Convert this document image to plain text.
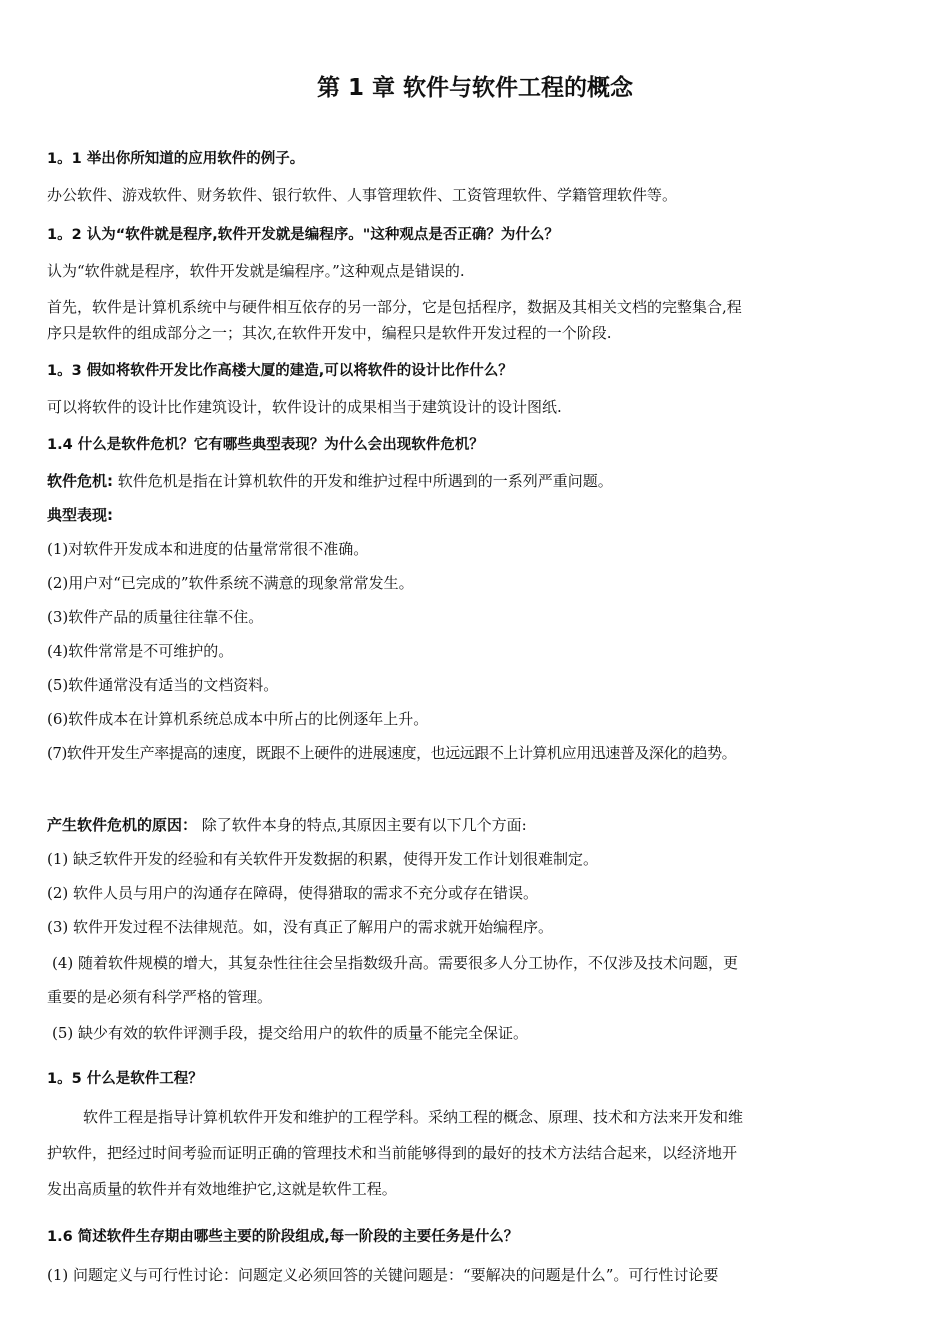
第 1 章 软件与软件工程的概念

1。1 举出你所知道的应用软件的例子。

办公软件、游戏软件、财务软件、银行软件、人事管理软件、工资管理软件、学籍管理软件等。

1。2 认为“软件就是程序,软件开发就是编程序。"这种观点是否正确？为什么？

认为“软件就是程序，软件开发就是编程序。”这种观点是错误的.

首先，软件是计算机系统中与硬件相互依存的另一部分，它是包括程序，数据及其相关文档的完整集合,程

序只是软件的组成部分之一；其次,在软件开发中，编程只是软件开发过程的一个阶段.

1。3 假如将软件开发比作高楼大厦的建造,可以将软件的设计比作什么？

可以将软件的设计比作建筑设计，软件设计的成果相当于建筑设计的设计图纸.

1.4 什么是软件危机？它有哪些典型表现？为什么会出现软件危机？

软件危机: 软件危机是指在计算机软件的开发和维护过程中所遇到的一系列严重问题。

典型表现:

(1)对软件开发成本和进度的估量常常很不准确。

(2)用户对“已完成的”软件系统不满意的现象常常发生。

(3)软件产品的质量往往靠不住。

(4)软件常常是不可维护的。

(5)软件通常没有适当的文档资料。

(6)软件成本在计算机系统总成本中所占的比例逐年上升。

(7)软件开发生产率提高的速度，既跟不上硬件的进展速度，也远远跟不上计算机应用迅速普及深化的趋势。

产生软件危机的原因： 除了软件本身的特点,其原因主要有以下几个方面:

(1) 缺乏软件开发的经验和有关软件开发数据的积累，使得开发工作计划很难制定。

(2) 软件人员与用户的沟通存在障碍，使得猎取的需求不充分或存在错误。

(3) 软件开发过程不法律规范。如，没有真正了解用户的需求就开始编程序。

(4) 随着软件规模的增大，其复杂性往往会呈指数级升高。需要很多人分工协作，不仅涉及技术问题，更

重要的是必须有科学严格的管理。

(5) 缺少有效的软件评测手段，提交给用户的软件的质量不能完全保证。

1。5 什么是软件工程？

软件工程是指导计算机软件开发和维护的工程学科。采纳工程的概念、原理、技术和方法来开发和维

护软件，把经过时间考验而证明正确的管理技术和当前能够得到的最好的技术方法结合起来，以经济地开

发出高质量的软件并有效地维护它,这就是软件工程。

1.6 简述软件生存期由哪些主要的阶段组成,每一阶段的主要任务是什么？

(1) 问题定义与可行性讨论：问题定义必须回答的关键问题是：“要解决的问题是什么”。可行性讨论要
